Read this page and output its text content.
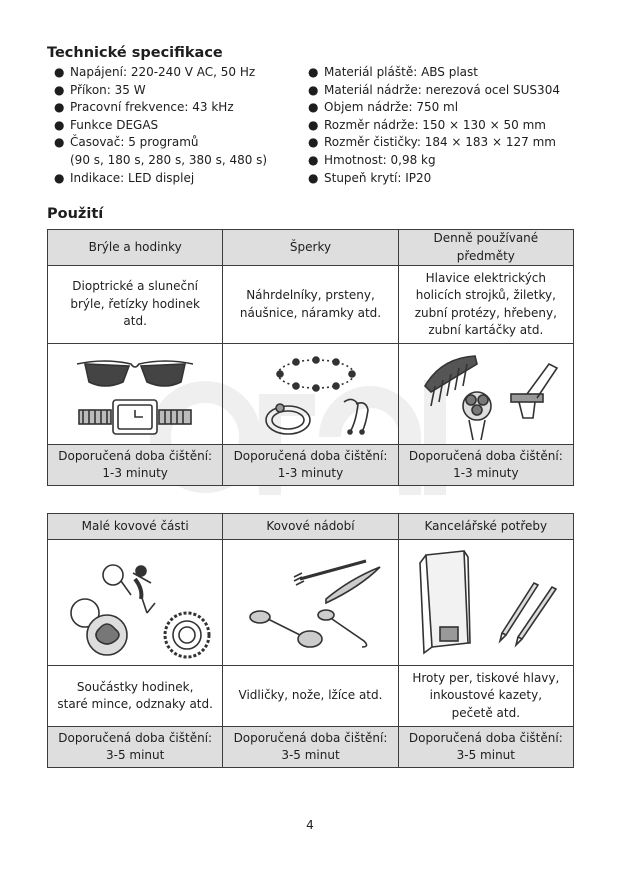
Technické specifikace
● Napájení: 220-240 V AC, 50 Hz
● Příkon: 35 W
● Pracovní frekvence: 43 kHz
● Funkce DEGAS
● Časovač: 5 programů
(90 s, 180 s, 280 s, 380 s, 480 s)
● Indikace: LED displej
● Materiál pláště: ABS plast
● Materiál nádrže: nerezová ocel SUS304
● Objem nádrže: 750 ml
● Rozměr nádrže: 150 × 130 × 50 mm
● Rozměr čističky: 184 × 183 × 127 mm
● Hmotnost: 0,98 kg
● Stupeň krytí: IP20
Použití
Brýle a hodinky	Šperky	Denně používané předměty
Dioptrické a sluneční
brýle, řetízky hodinek
atd.	Náhrdelníky, prsteny,
náušnice, náramky atd.	Hlavice elektrických
holicích strojků, žiletky,
zubní protézy, hřebeny,
zubní kartáčky atd.

Doporučená doba čištění:
1-3 minuty	Doporučená doba čištění:
1-3 minuty	Doporučená doba čištění:
1-3 minuty
Malé kovové části	Kovové nádobí	Kancelářské potřeby

Součástky hodinek,
staré mince, odznaky atd.	Vidličky, nože, lžíce atd.	Hroty per, tiskové hlavy,
inkoustové kazety,
pečetě atd.
Doporučená doba čištění:
3-5 minut	Doporučená doba čištění:
3-5 minut	Doporučená doba čištění:
3-5 minut
4
